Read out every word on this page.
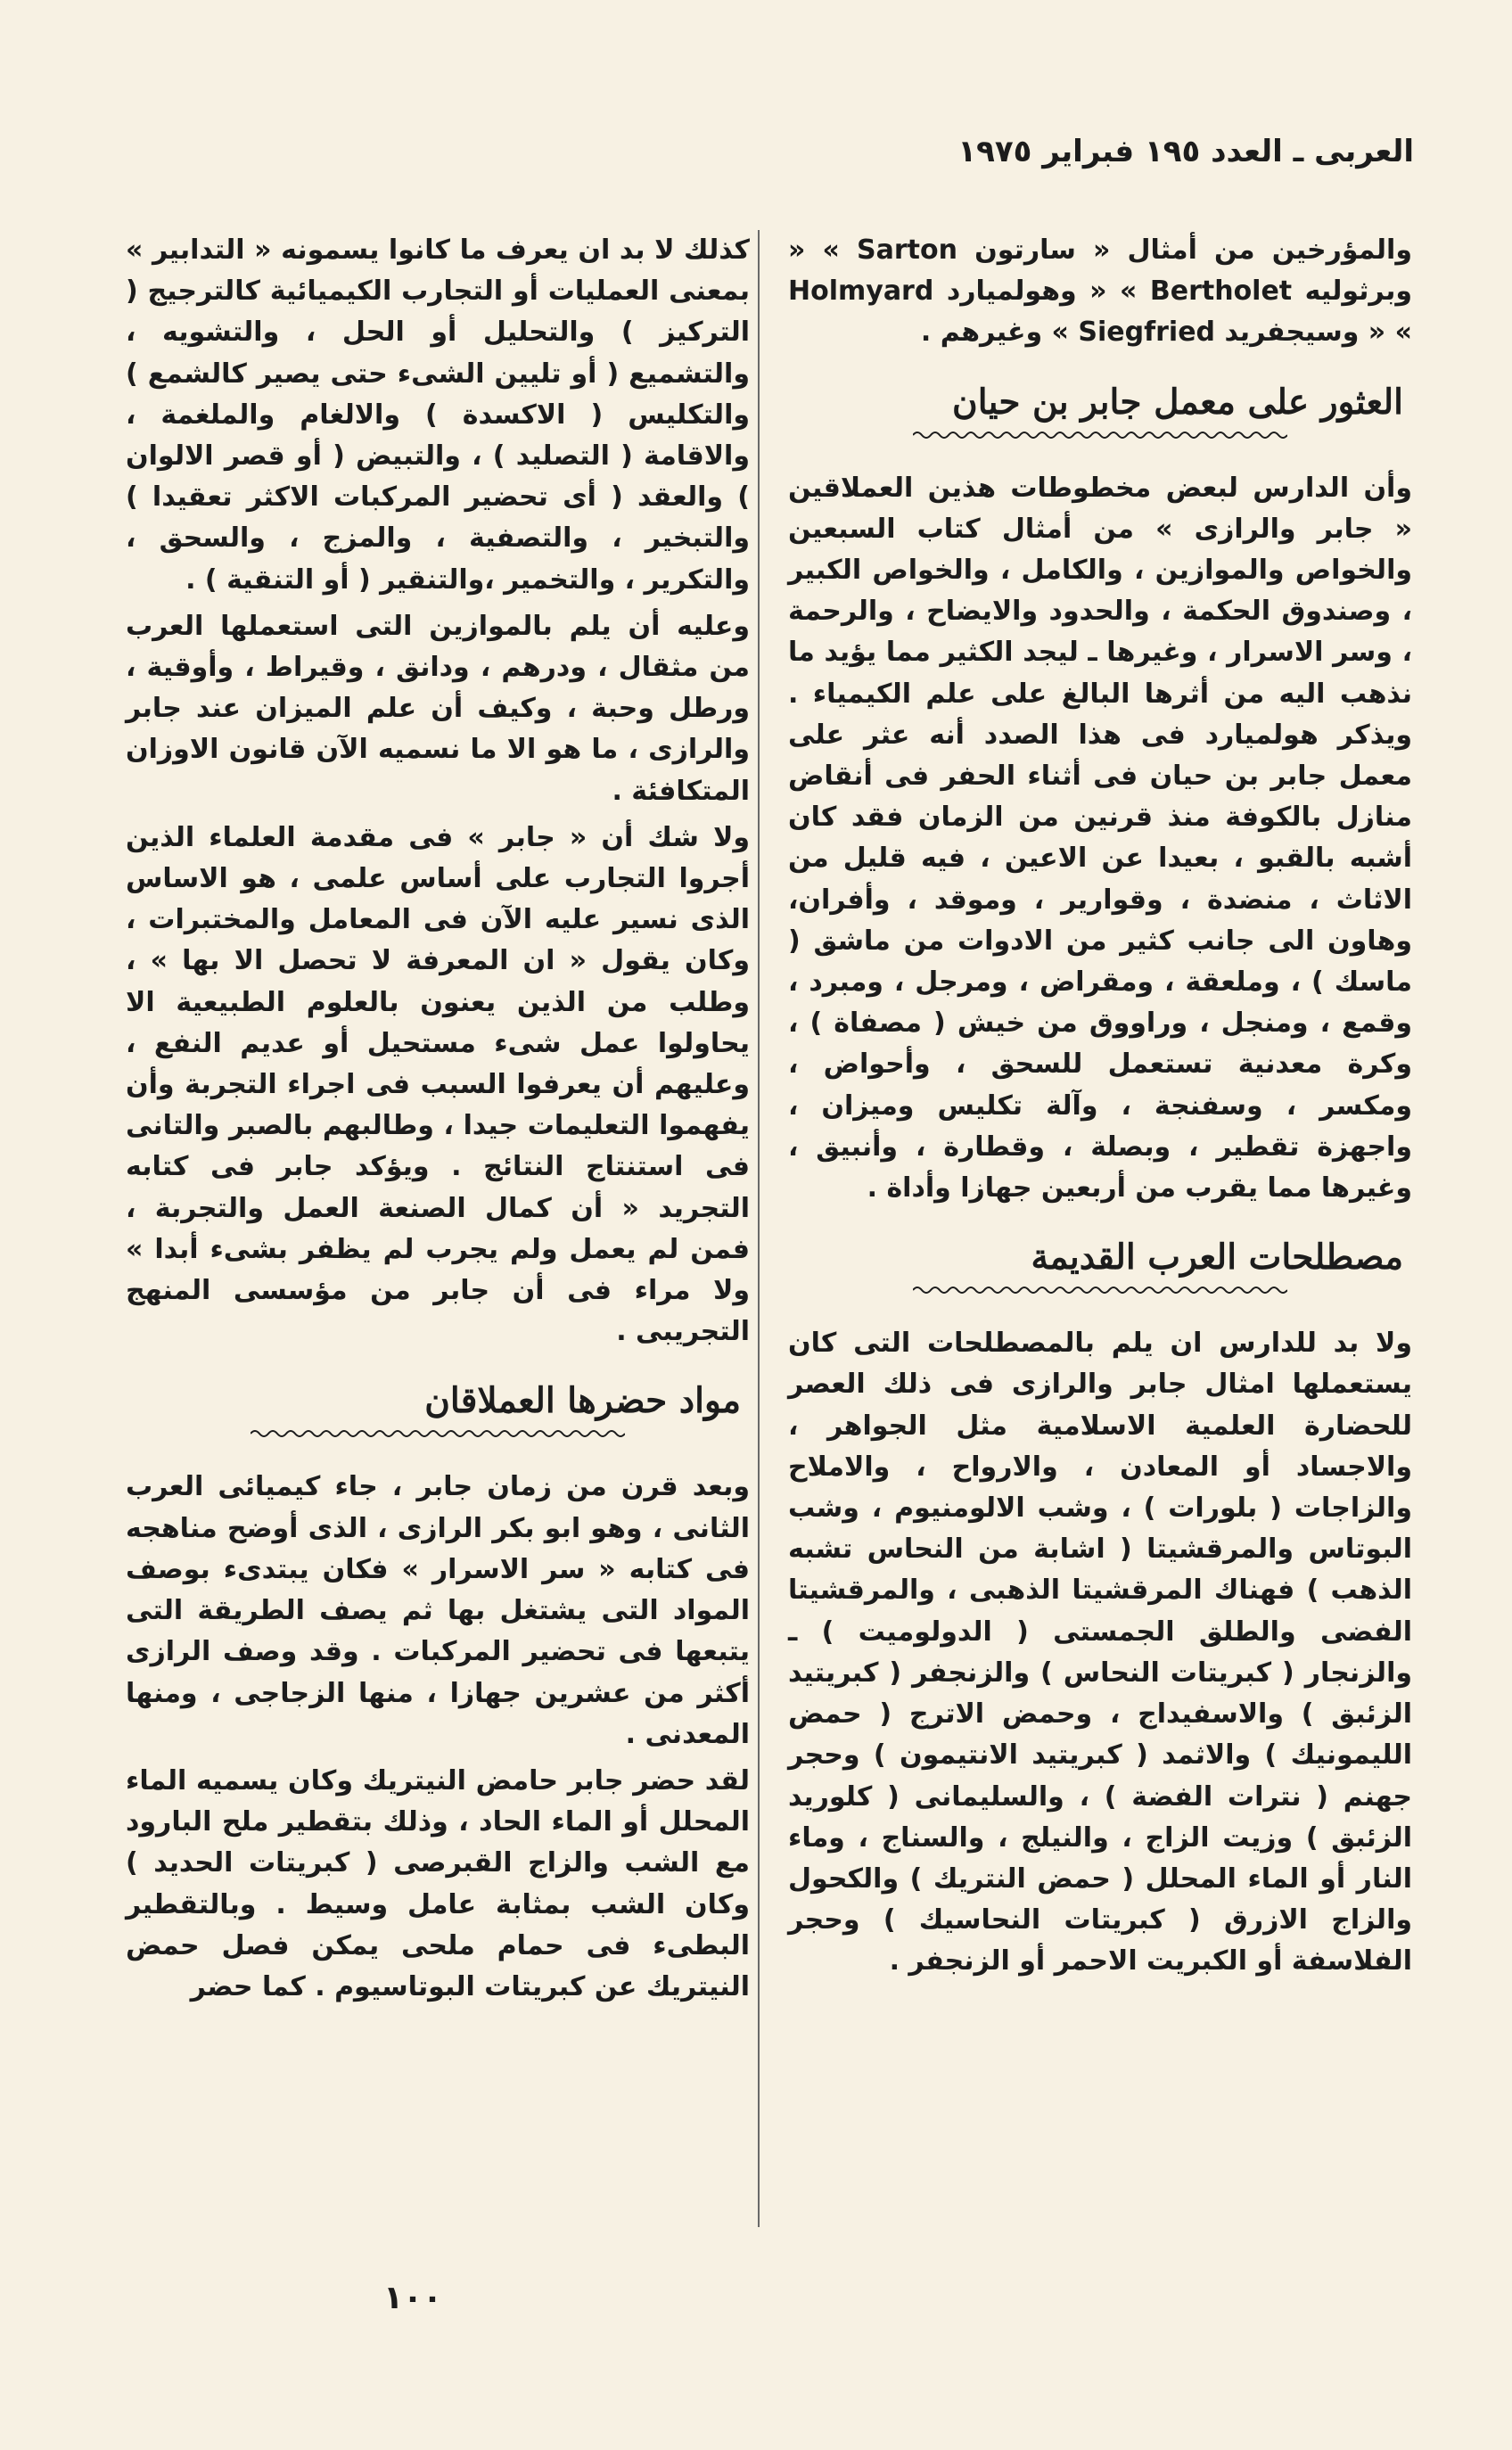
العربى ـ العدد ١٩٥ فبراير ١٩٧٥

والمؤرخين من أمثال « سارتون Sarton » « وبرثوليه Bertholet » « وهولميارد Holmyard » « وسيجفريد Siegfried » وغيرهم .

العثور على معمل جابر بن حيان

وأن الدارس لبعض مخطوطات هذين العملاقين « جابر والرازى » من أمثال كتاب السبعين والخواص والموازين ، والكامل ، والخواص الكبير ، وصندوق الحكمة ، والحدود والايضاح ، والرحمة ، وسر الاسرار ، وغيرها ـ ليجد الكثير مما يؤيد ما نذهب اليه من أثرها البالغ على علم الكيمياء . ويذكر هولميارد فى هذا الصدد أنه عثر على معمل جابر بن حيان فى أثناء الحفر فى أنقاض منازل بالكوفة منذ قرنين من الزمان فقد كان أشبه بالقبو ، بعيدا عن الاعين ، فيه قليل من الاثاث ، منضدة ، وقوارير ، وموقد ، وأفران، وهاون الى جانب كثير من الادوات من ماشق ( ماسك ) ، وملعقة ، ومقراض ، ومرجل ، ومبرد ، وقمع ، ومنجل ، وراووق من خيش ( مصفاة ) ، وكرة معدنية تستعمل للسحق ، وأحواض ، ومكسر ، وسفنجة ، وآلة تكليس وميزان ، واجهزة تقطير ، وبصلة ، وقطارة ، وأنبيق ، وغيرها مما يقرب من أربعين جهازا وأداة .

مصطلحات العرب القديمة

ولا بد للدارس ان يلم بالمصطلحات التى كان يستعملها امثال جابر والرازى فى ذلك العصر للحضارة العلمية الاسلامية مثل الجواهر ، والاجساد أو المعادن ، والارواح ، والاملاح والزاجات ( بلورات ) ، وشب الالومنيوم ، وشب البوتاس والمرقشيتا ( اشابة من النحاس تشبه الذهب ) فهناك المرقشيتا الذهبى ، والمرقشيتا الفضى والطلق الجمستى ( الدولوميت ) ـ والزنجار ( كبريتات النحاس ) والزنجفر ( كبريتيد الزئبق ) والاسفيداج ، وحمض الاترج ( حمض الليمونيك ) والاثمد ( كبريتيد الانتيمون ) وحجر جهنم ( نترات الفضة ) ، والسليمانى ( كلوريد الزئبق ) وزيت الزاج ، والنيلج ، والسناج ، وماء النار أو الماء المحلل ( حمض النتريك ) والكحول والزاج الازرق ( كبريتات النحاسيك ) وحجر الفلاسفة أو الكبريت الاحمر أو الزنجفر .

كذلك لا بد ان يعرف ما كانوا يسمونه « التدابير » بمعنى العمليات أو التجارب الكيميائية كالترجيج ( التركيز ) والتحليل أو الحل ، والتشويه ، والتشميع ( أو تليين الشىء حتى يصير كالشمع ) والتكليس ( الاكسدة ) والالغام والملغمة ، والاقامة ( التصليد ) ، والتبيض ( أو قصر الالوان ) والعقد ( أى تحضير المركبات الاكثر تعقيدا ) والتبخير ، والتصفية ، والمزج ، والسحق ، والتكرير ، والتخمير ،والتنقير ( أو التنقية ) .

وعليه أن يلم بالموازين التى استعملها العرب من مثقال ، ودرهم ، ودانق ، وقيراط ، وأوقية ، ورطل وحبة ، وكيف أن علم الميزان عند جابر والرازى ، ما هو الا ما نسميه الآن قانون الاوزان المتكافئة .

ولا شك أن « جابر » فى مقدمة العلماء الذين أجروا التجارب على أساس علمى ، هو الاساس الذى نسير عليه الآن فى المعامل والمختبرات ، وكان يقول « ان المعرفة لا تحصل الا بها » ، وطلب من الذين يعنون بالعلوم الطبيعية الا يحاولوا عمل شىء مستحيل أو عديم النفع ، وعليهم أن يعرفوا السبب فى اجراء التجربة وأن يفهموا التعليمات جيدا ، وطالبهم بالصبر والتانى فى استنتاج النتائج . ويؤكد جابر فى كتابه التجريد « أن كمال الصنعة العمل والتجربة ، فمن لم يعمل ولم يجرب لم يظفر بشىء أبدا » ولا مراء فى أن جابر من مؤسسى المنهج التجريبى .

مواد حضرها العملاقان

وبعد قرن من زمان جابر ، جاء كيميائى العرب الثانى ، وهو ابو بكر الرازى ، الذى أوضح مناهجه فى كتابه « سر الاسرار » فكان يبتدىء بوصف المواد التى يشتغل بها ثم يصف الطريقة التى يتبعها فى تحضير المركبات . وقد وصف الرازى أكثر من عشرين جهازا ، منها الزجاجى ، ومنها المعدنى .

لقد حضر جابر حامض النيتريك وكان يسميه الماء المحلل أو الماء الحاد ، وذلك بتقطير ملح البارود مع الشب والزاج القبرصى ( كبريتات الحديد ) وكان الشب بمثابة عامل وسيط . وبالتقطير البطىء فى حمام ملحى يمكن فصل حمض النيتريك عن كبريتات البوتاسيوم . كما حضر

١٠٠
